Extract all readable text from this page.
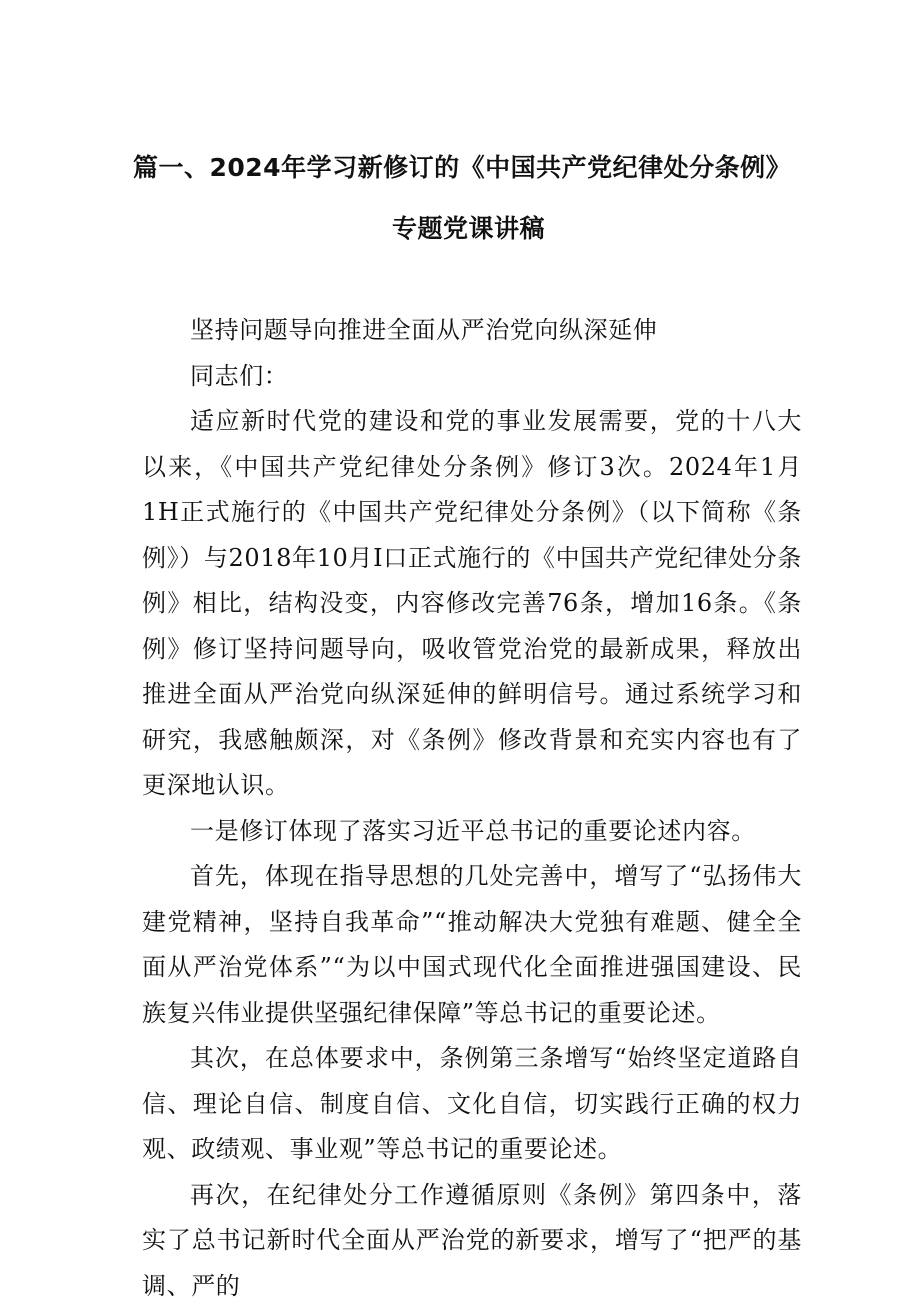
篇一、2024年学习新修订的《中国共产党纪律处分条例》
专题党课讲稿

坚持问题导向推进全面从严治党向纵深延伸

同志们：

适应新时代党的建设和党的事业发展需要，党的十八大以来，《中国共产党纪律处分条例》修订3次。2024年1月1H正式施行的《中国共产党纪律处分条例》（以下简称《条例》）与2018年10月I口正式施行的《中国共产党纪律处分条例》相比，结构没变，内容修改完善76条，增加16条。《条例》修订坚持问题导向，吸收管党治党的最新成果，释放出推进全面从严治党向纵深延伸的鲜明信号。通过系统学习和研究，我感触颇深，对《条例》修改背景和充实内容也有了更深地认识。

一是修订体现了落实习近平总书记的重要论述内容。

首先，体现在指导思想的几处完善中，增写了“弘扬伟大建党精神，坚持自我革命”“推动解决大党独有难题、健全全面从严治党体系”“为以中国式现代化全面推进强国建设、民族复兴伟业提供坚强纪律保障”等总书记的重要论述。

其次，在总体要求中，条例第三条增写“始终坚定道路自信、理论自信、制度自信、文化自信，切实践行正确的权力观、政绩观、事业观”等总书记的重要论述。

再次，在纪律处分工作遵循原则《条例》第四条中，落实了总书记新时代全面从严治党的新要求，增写了“把严的基调、严的
